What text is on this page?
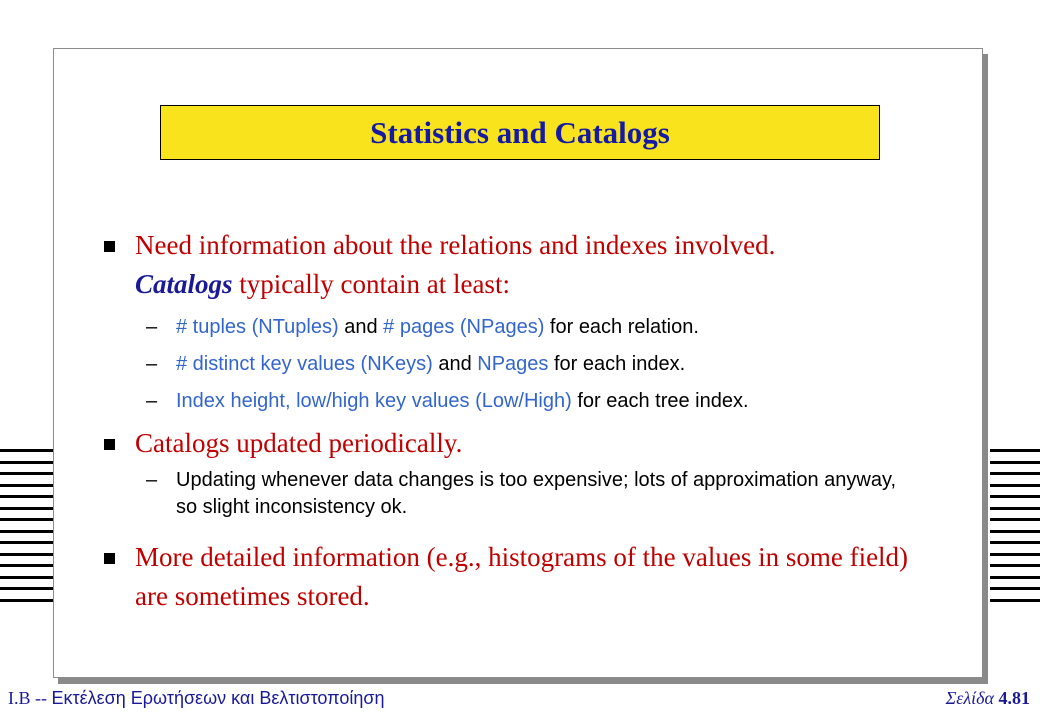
Statistics and Catalogs
Need information about the relations and indexes involved.
Catalogs typically contain at least:
– # tuples (NTuples) and # pages (NPages) for each relation.
– # distinct key values (NKeys) and NPages for each index.
– Index height, low/high key values (Low/High) for each tree index.
Catalogs updated periodically.
– Updating whenever data changes is too expensive; lots of approximation anyway, so slight inconsistency ok.
More detailed information (e.g., histograms of the values in some field) are sometimes stored.
I.B -- Εκτέλεση Ερωτήσεων και Βελτιστοποίηση	Σελίδα 4.81
